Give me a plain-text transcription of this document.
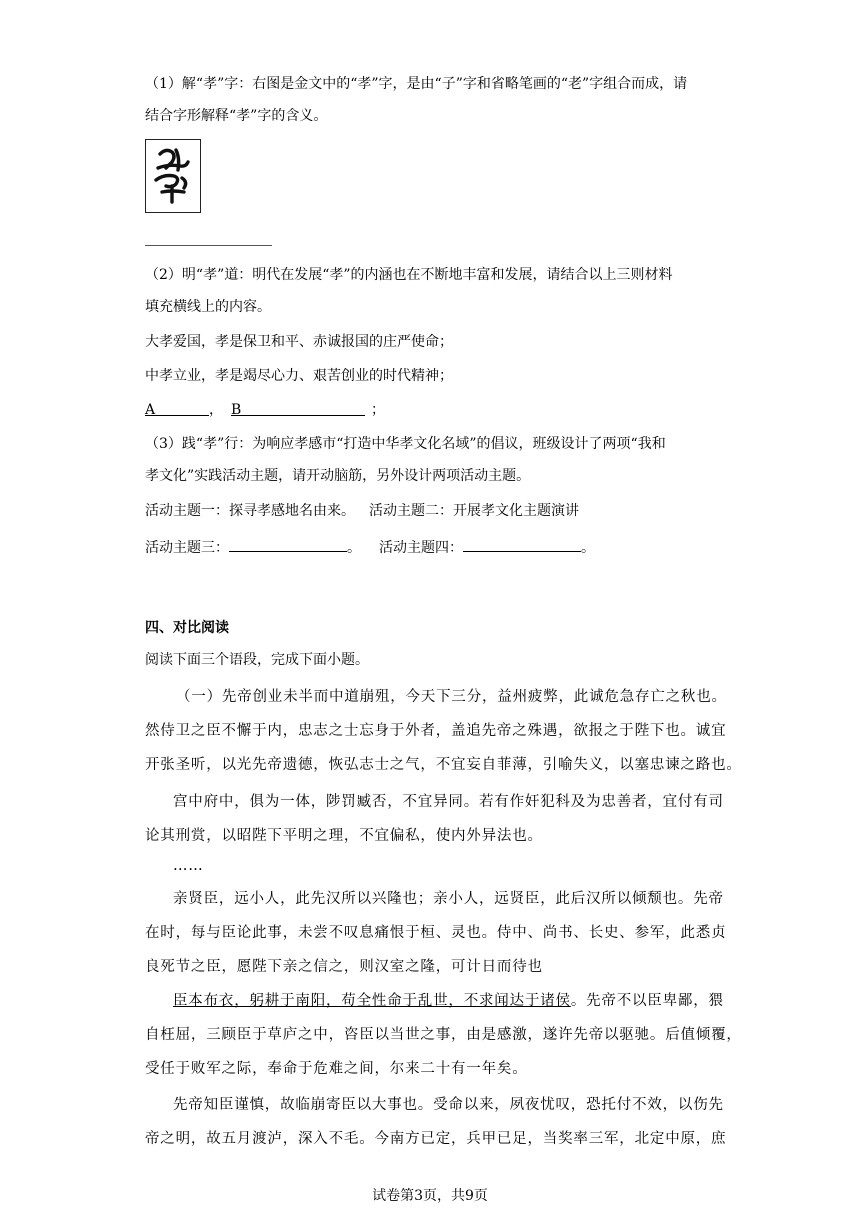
（1）解“孝”字：右图是金文中的“孝”字，是由“子”字和省略笔画的“老”字组合而成，请
结合字形解释“孝”字的含义。
（2）明“孝”道：明代在发展“孝”的内涵也在不断地丰富和发展，请结合以上三则材料
填充横线上的内容。
大孝爱国，孝是保卫和平、赤诚报国的庄严使命；
中孝立业，孝是竭尽心力、艰苦创业的时代精神；
A	， B	；
（3）践“孝”行：为响应孝感市“打造中华孝文化名域”的倡议，班级设计了两项“我和
孝文化”实践活动主题，请开动脑筋，另外设计两项活动主题。
活动主题一：探寻孝感地名由来。 活动主题二：开展孝文化主题演讲
活动主题三：	。 活动主题四：	。
四、对比阅读
阅读下面三个语段，完成下面小题。
（一）先帝创业未半而中道崩殂，今天下三分，益州疲弊，此诚危急存亡之秋也。
然侍卫之臣不懈于内，忠志之士忘身于外者，盖追先帝之殊遇，欲报之于陛下也。诚宜
开张圣听，以光先帝遗德，恢弘志士之气，不宜妄自菲薄，引喻失义，以塞忠谏之路也。
宫中府中，俱为一体，陟罚臧否，不宜异同。若有作奸犯科及为忠善者，宜付有司
论其刑赏，以昭陛下平明之理，不宜偏私，使内外异法也。
……
亲贤臣，远小人，此先汉所以兴隆也；亲小人，远贤臣，此后汉所以倾颓也。先帝
在时，每与臣论此事，未尝不叹息痛恨于桓、灵也。侍中、尚书、长史、参军，此悉贞
良死节之臣，愿陛下亲之信之，则汉室之隆，可计日而待也
臣本布衣，躬耕于南阳，苟全性命于乱世，不求闻达于诸侯。先帝不以臣卑鄙，猥
自枉屈，三顾臣于草庐之中，咨臣以当世之事，由是感激，遂许先帝以驱驰。后值倾覆，
受任于败军之际，奉命于危难之间，尔来二十有一年矣。
先帝知臣谨慎，故临崩寄臣以大事也。受命以来，夙夜忧叹，恐托付不效，以伤先
帝之明，故五月渡泸，深入不毛。今南方已定，兵甲已足，当奖率三军，北定中原，庶
试卷第3页，共9页
